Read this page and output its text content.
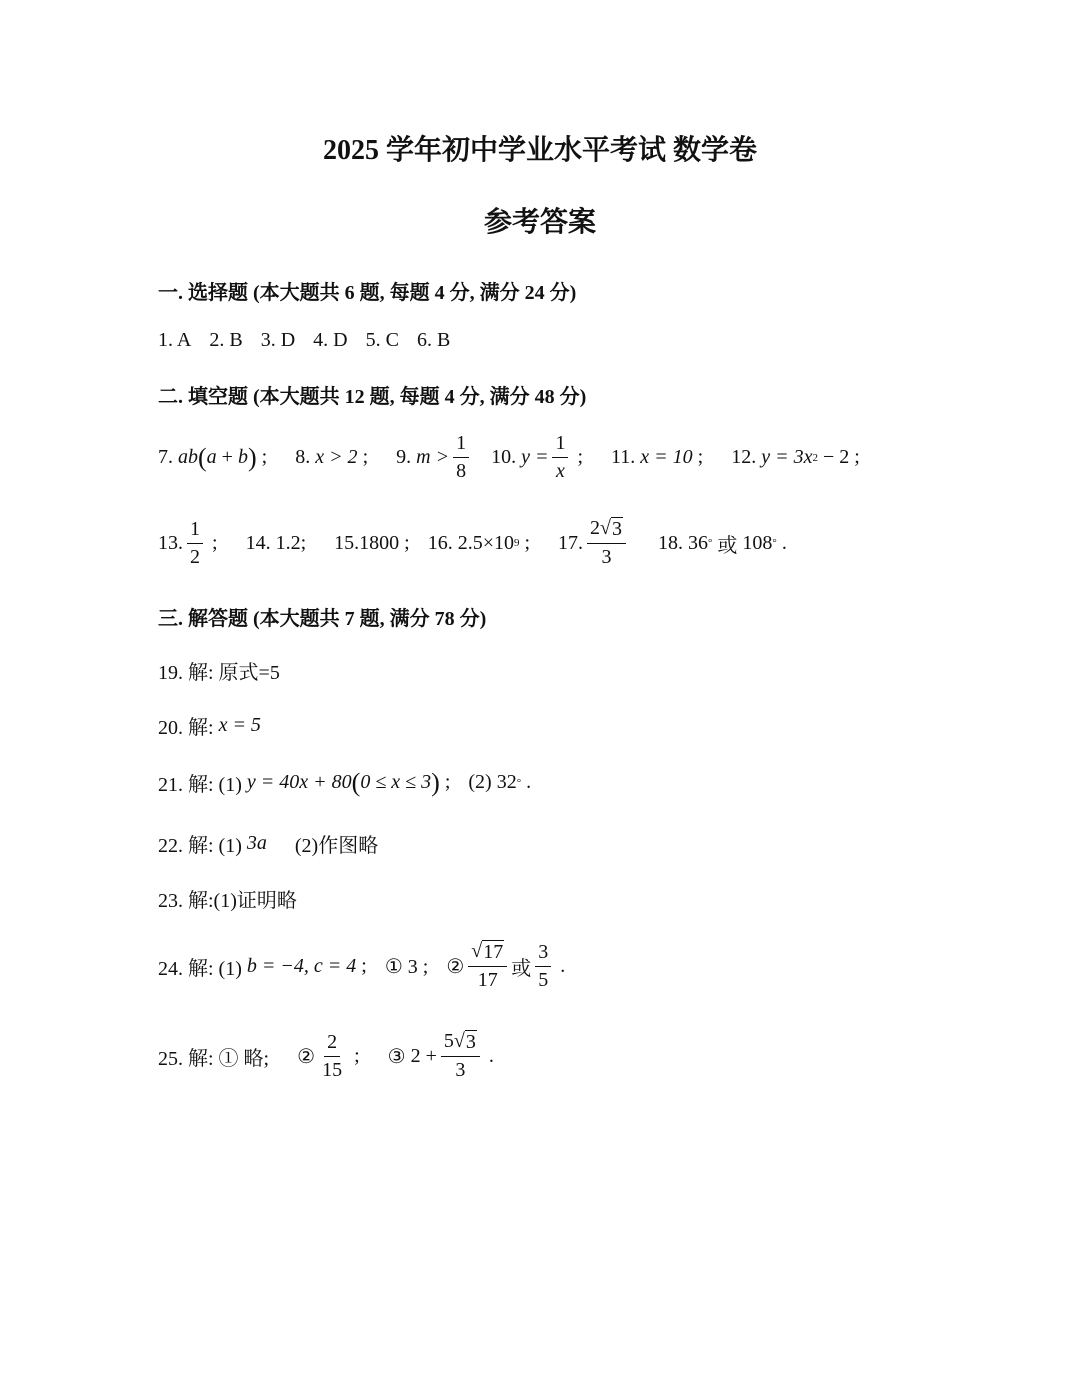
2025 学年初中学业水平考试 数学卷
参考答案
一. 选择题 (本大题共 6 题, 每题 4 分, 满分 24 分)
1. A 2. B 3. D 4. D 5. C 6. B
二. 填空题 (本大题共 12 题, 每题 4 分, 满分 48 分)
7.
ab ( a + b ) ; 8.
x > 2 ; 9.
$m > \frac{1}{8} 10$.
$y = \frac{1}{x}$ ; 11.
x = 10 ; 12.
y = 3x 2 − 2 ;
13. $\frac{1}{2}$ ; 14. 1.2; 15.1800 ; 16.
2.5×10 9 ; 17. $\frac{2 √ 3}{3} 18$.
36 °
或
108 ° .
三. 解答题 (本大题共 7 题, 满分 78 分)
19. 解: 原式=5
20. 解:
x = 5
21. 解: (1)
y = 40x + 80 ( 0 ≤ x ≤ 3 ) ; (2)
32 ° .
22. 解: (1)
3a (2)作图略
23. 解:(1)证明略
24. 解: (1)
b = −4, c = 4 ; ① 3 ; ② $\frac{√ 17}{17}$ 或 $\frac{3}{5}$ .
25. 解: ① 略; ② $\frac{2}{15}$ ; ③
$2 + \frac{5 √ 3}{3}$ .
